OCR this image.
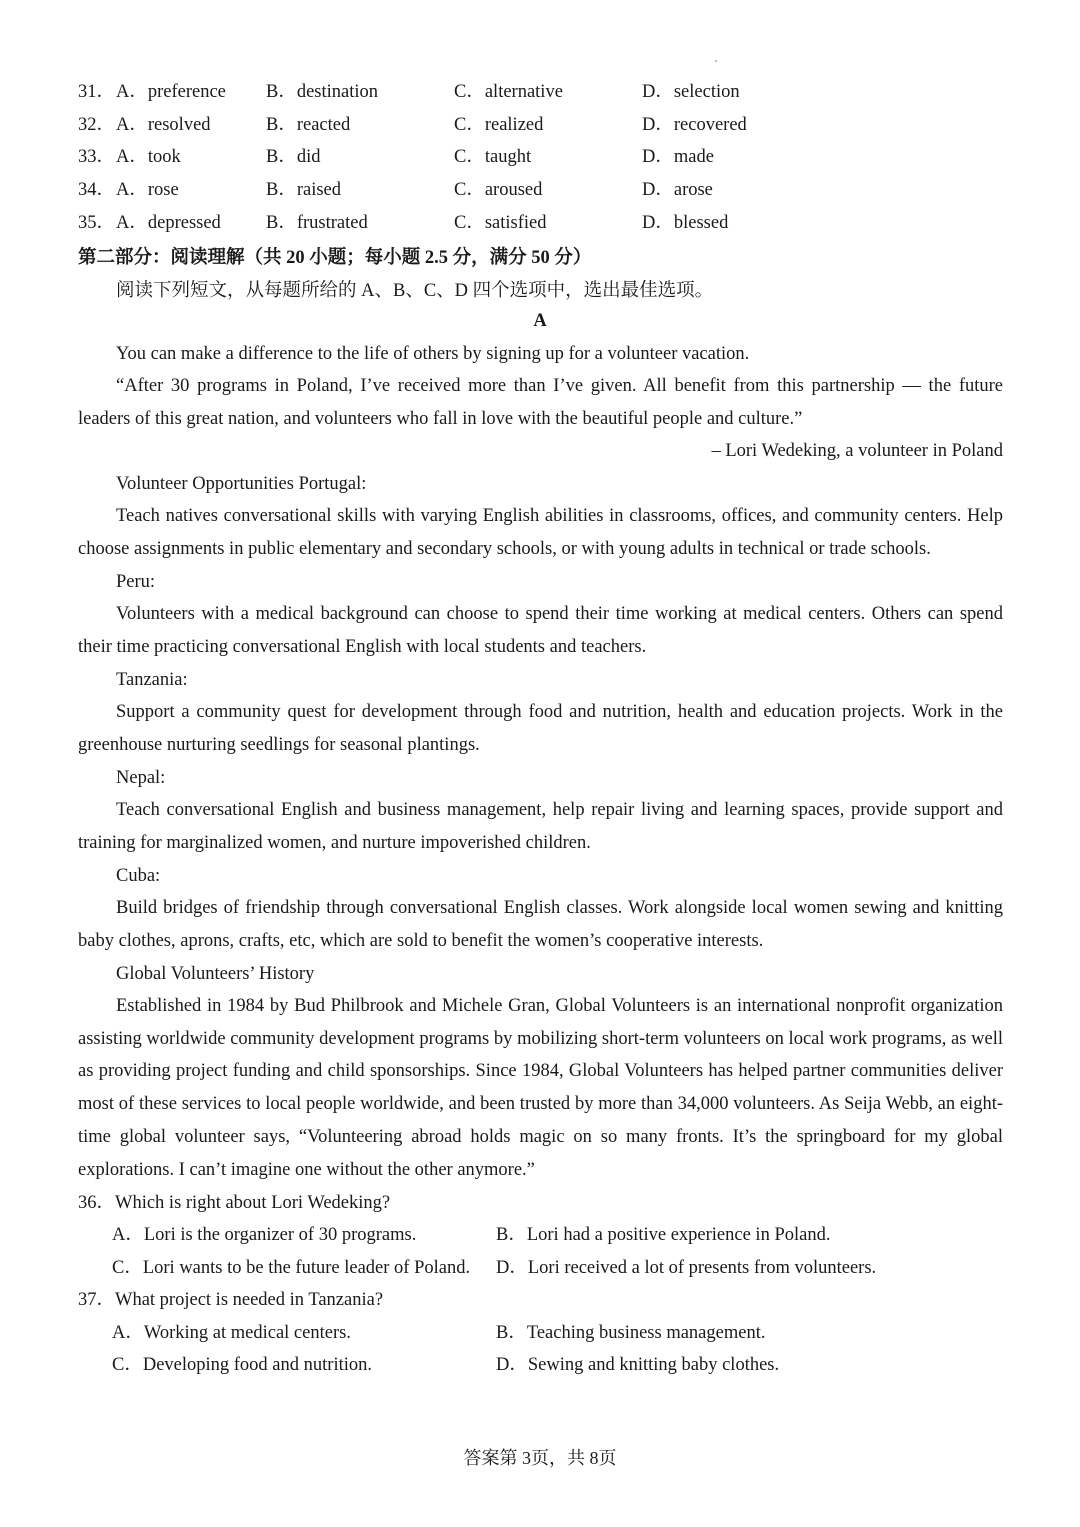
31． A．preference B．destination	C．alternative	D．selection
32． A．resolved	B．reacted	C．realized	D．recovered
33． A．took	B．did	C．taught	D．made
34． A．rose	B．raised	C．aroused	D．arose
35． A．depressed B．frustrated	C．satisfied	D．blessed
第二部分：阅读理解（共 20 小题；每小题 2.5 分，满分 50 分）
阅读下列短文，从每题所给的 A、B、C、D 四个选项中，选出最佳选项。
A

You can make a difference to the life of others by signing up for a volunteer vacation.

“After 30 programs in Poland, I’ve received more than I’ve given. All benefit from this partnership — the future leaders of this great nation, and volunteers who fall in love with the beautiful people and culture.”

– Lori Wedeking, a volunteer in Poland
Volunteer Opportunities Portugal:

Teach natives conversational skills with varying English abilities in classrooms, offices, and community centers. Help choose assignments in public elementary and secondary schools, or with young adults in technical or trade schools.

Peru:

Volunteers with a medical background can choose to spend their time working at medical centers. Others can spend their time practicing conversational English with local students and teachers.

Tanzania:

Support a community quest for development through food and nutrition, health and education projects. Work in the greenhouse nurturing seedlings for seasonal plantings.

Nepal:

Teach conversational English and business management, help repair living and learning spaces, provide support and training for marginalized women, and nurture impoverished children.

Cuba:

Build bridges of friendship through conversational English classes. Work alongside local women sewing and knitting baby clothes, aprons, crafts, etc, which are sold to benefit the women’s cooperative interests.

Global Volunteers’ History

Established in 1984 by Bud Philbrook and Michele Gran, Global Volunteers is an international nonprofit organization assisting worldwide community development programs by mobilizing short-term volunteers on local work programs, as well as providing project funding and child sponsorships. Since 1984, Global Volunteers has helped partner communities deliver most of these services to local people worldwide, and been trusted by more than 34,000 volunteers. As Seija Webb, an eight-time global volunteer says, “Volunteering abroad holds magic on so many fronts. It’s the springboard for my global explorations. I can’t imagine one without the other anymore.”

36．Which is right about Lori Wedeking?
A．Lori is the organizer of 30 programs.	B．Lori had a positive experience in Poland.
C．Lori wants to be the future leader of Poland. D．Lori received a lot of presents from volunteers.
37．What project is needed in Tanzania?
A．Working at medical centers.	B．Teaching business management.
C．Developing food and nutrition.	D．Sewing and knitting baby clothes.
答案第 3页，共 8页
